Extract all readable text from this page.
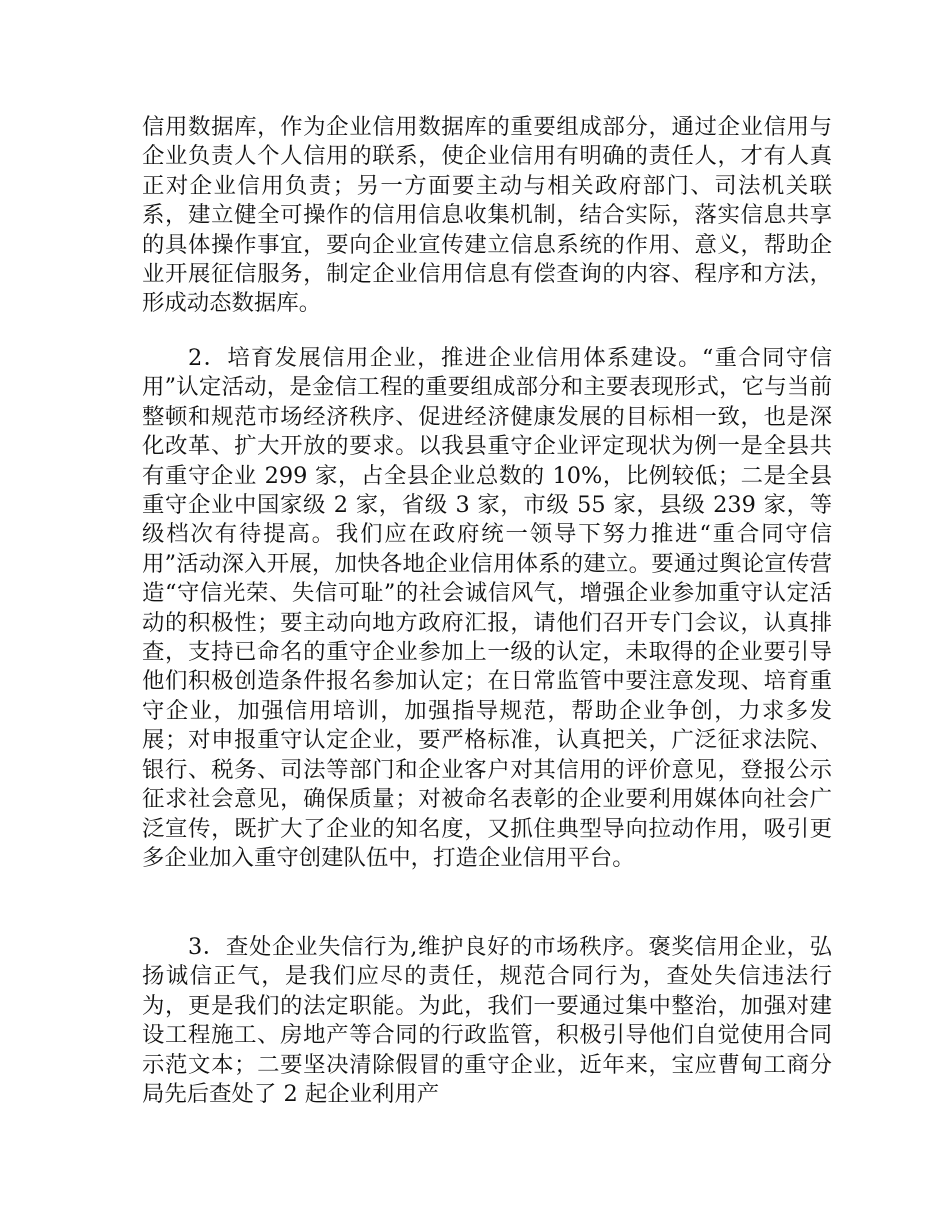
信用数据库，作为企业信用数据库的重要组成部分，通过企业信用与企业负责人个人信用的联系，使企业信用有明确的责任人，才有人真正对企业信用负责；另一方面要主动与相关政府部门、司法机关联系，建立健全可操作的信用信息收集机制，结合实际，落实信息共享的具体操作事宜，要向企业宣传建立信息系统的作用、意义，帮助企业开展征信服务，制定企业信用信息有偿查询的内容、程序和方法，形成动态数据库。

2．培育发展信用企业，推进企业信用体系建设。“重合同守信用”认定活动，是金信工程的重要组成部分和主要表现形式，它与当前整顿和规范市场经济秩序、促进经济健康发展的目标相一致，也是深化改革、扩大开放的要求。以我县重守企业评定现状为例一是全县共有重守企业 299 家，占全县企业总数的 10%，比例较低；二是全县重守企业中国家级 2 家，省级 3 家，市级 55 家，县级 239 家，等级档次有待提高。我们应在政府统一领导下努力推进“重合同守信用”活动深入开展，加快各地企业信用体系的建立。要通过舆论宣传营造“守信光荣、失信可耻”的社会诚信风气，增强企业参加重守认定活动的积极性；要主动向地方政府汇报，请他们召开专门会议，认真排查，支持已命名的重守企业参加上一级的认定，未取得的企业要引导他们积极创造条件报名参加认定；在日常监管中要注意发现、培育重守企业，加强信用培训，加强指导规范，帮助企业争创，力求多发展；对申报重守认定企业，要严格标准，认真把关，广泛征求法院、银行、税务、司法等部门和企业客户对其信用的评价意见，登报公示征求社会意见，确保质量；对被命名表彰的企业要利用媒体向社会广泛宣传，既扩大了企业的知名度，又抓住典型导向拉动作用，吸引更多企业加入重守创建队伍中，打造企业信用平台。

3．查处企业失信行为,维护良好的市场秩序。褒奖信用企业，弘扬诚信正气，是我们应尽的责任，规范合同行为，查处失信违法行为，更是我们的法定职能。为此，我们一要通过集中整治，加强对建设工程施工、房地产等合同的行政监管，积极引导他们自觉使用合同示范文本；二要坚决清除假冒的重守企业，近年来，宝应曹甸工商分局先后查处了 2 起企业利用产
